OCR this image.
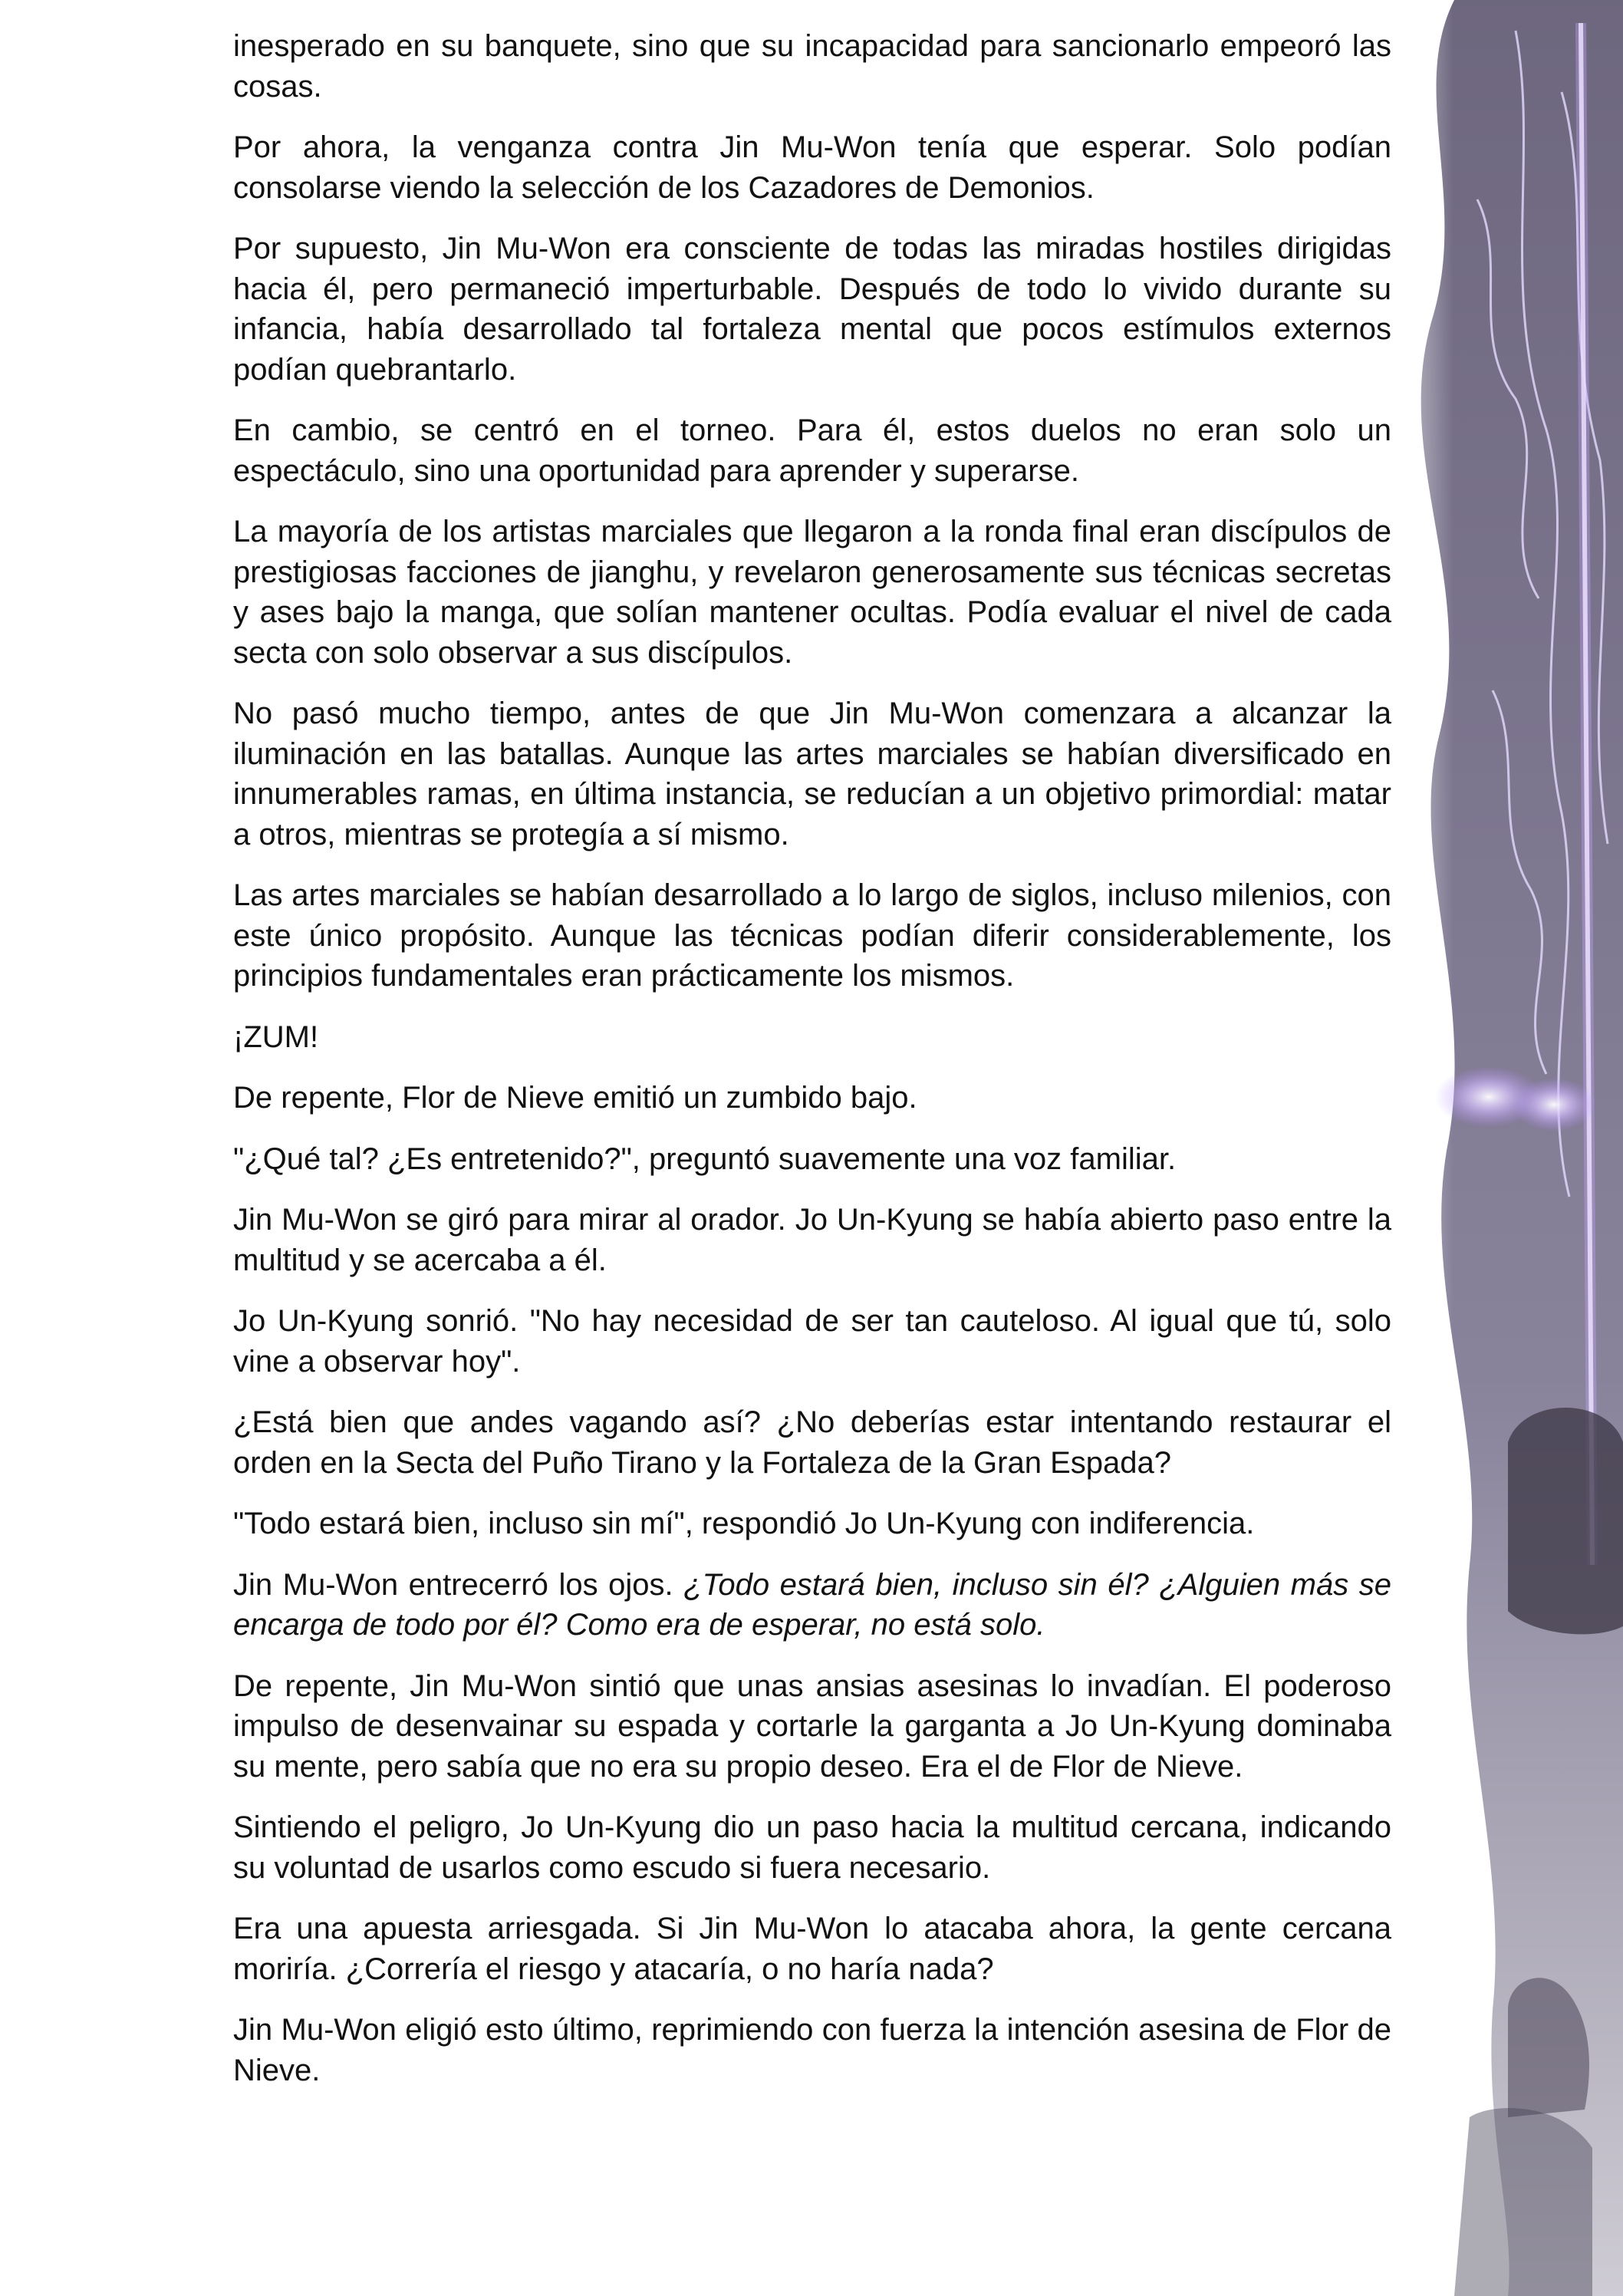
inesperado en su banquete, sino que su incapacidad para sancionarlo empeoró las cosas.

Por ahora, la venganza contra Jin Mu-Won tenía que esperar. Solo podían consolarse viendo la selección de los Cazadores de Demonios.

Por supuesto, Jin Mu-Won era consciente de todas las miradas hostiles dirigidas hacia él, pero permaneció imperturbable. Después de todo lo vivido durante su infancia, había desarrollado tal fortaleza mental que pocos estímulos externos podían quebrantarlo.

En cambio, se centró en el torneo. Para él, estos duelos no eran solo un espectáculo, sino una oportunidad para aprender y superarse.

La mayoría de los artistas marciales que llegaron a la ronda final eran discípulos de prestigiosas facciones de jianghu, y revelaron generosamente sus técnicas secretas y ases bajo la manga, que solían mantener ocultas. Podía evaluar el nivel de cada secta con solo observar a sus discípulos.

No pasó mucho tiempo, antes de que Jin Mu-Won comenzara a alcanzar la iluminación en las batallas. Aunque las artes marciales se habían diversificado en innumerables ramas, en última instancia, se reducían a un objetivo primordial: matar a otros, mientras se protegía a sí mismo.

Las artes marciales se habían desarrollado a lo largo de siglos, incluso milenios, con este único propósito. Aunque las técnicas podían diferir considerablemente, los principios fundamentales eran prácticamente los mismos.

¡ZUM!

De repente, Flor de Nieve emitió un zumbido bajo.

"¿Qué tal? ¿Es entretenido?", preguntó suavemente una voz familiar.

Jin Mu-Won se giró para mirar al orador. Jo Un-Kyung se había abierto paso entre la multitud y se acercaba a él.

Jo Un-Kyung sonrió. "No hay necesidad de ser tan cauteloso. Al igual que tú, solo vine a observar hoy".

¿Está bien que andes vagando así? ¿No deberías estar intentando restaurar el orden en la Secta del Puño Tirano y la Fortaleza de la Gran Espada?

"Todo estará bien, incluso sin mí", respondió Jo Un-Kyung con indiferencia.

Jin Mu-Won entrecerró los ojos. ¿Todo estará bien, incluso sin él? ¿Alguien más se encarga de todo por él? Como era de esperar, no está solo.

De repente, Jin Mu-Won sintió que unas ansias asesinas lo invadían. El poderoso impulso de desenvainar su espada y cortarle la garganta a Jo Un-Kyung dominaba su mente, pero sabía que no era su propio deseo. Era el de Flor de Nieve.

Sintiendo el peligro, Jo Un-Kyung dio un paso hacia la multitud cercana, indicando su voluntad de usarlos como escudo si fuera necesario.

Era una apuesta arriesgada. Si Jin Mu-Won lo atacaba ahora, la gente cercana moriría. ¿Correría el riesgo y atacaría, o no haría nada?

Jin Mu-Won eligió esto último, reprimiendo con fuerza la intención asesina de Flor de Nieve.
